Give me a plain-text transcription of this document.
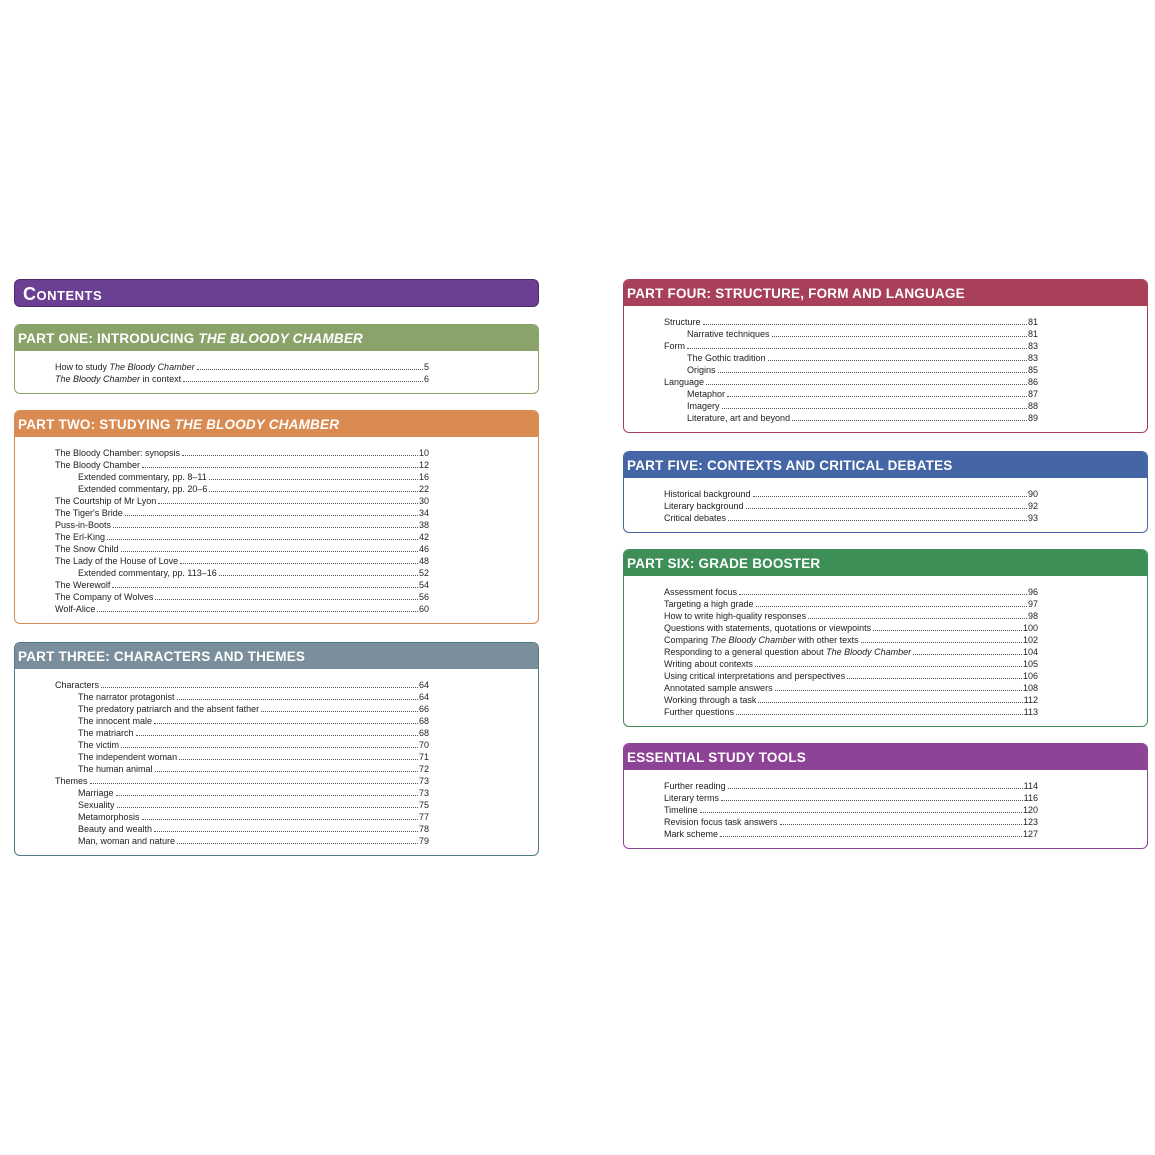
Contents
PART ONE: INTRODUCING THE BLOODY CHAMBER
How to study The Bloody Chamber	5
The Bloody Chamber in context	6
PART TWO: STUDYING THE BLOODY CHAMBER
The Bloody Chamber: synopsis	10
The Bloody Chamber	12
Extended commentary, pp. 8–11	16
Extended commentary, pp. 20–6	22
The Courtship of Mr Lyon	30
The Tiger's Bride	34
Puss-in-Boots	38
The Erl-King	42
The Snow Child	46
The Lady of the House of Love	48
Extended commentary, pp. 113–16	52
The Werewolf	54
The Company of Wolves	56
Wolf-Alice	60
PART THREE: CHARACTERS AND THEMES
Characters	64
The narrator protagonist	64
The predatory patriarch and the absent father	66
The innocent male	68
The matriarch	68
The victim	70
The independent woman	71
The human animal	72
Themes	73
Marriage	73
Sexuality	75
Metamorphosis	77
Beauty and wealth	78
Man, woman and nature	79
PART FOUR: STRUCTURE, FORM AND LANGUAGE
Structure	81
Narrative techniques	81
Form	83
The Gothic tradition	83
Origins	85
Language	86
Metaphor	87
Imagery	88
Literature, art and beyond	89
PART FIVE: CONTEXTS AND CRITICAL DEBATES
Historical background	90
Literary background	92
Critical debates	93
PART SIX: GRADE BOOSTER
Assessment focus	96
Targeting a high grade	97
How to write high-quality responses	98
Questions with statements, quotations or viewpoints	100
Comparing The Bloody Chamber with other texts	102
Responding to a general question about The Bloody Chamber	104
Writing about contexts	105
Using critical interpretations and perspectives	106
Annotated sample answers	108
Working through a task	112
Further questions	113
ESSENTIAL STUDY TOOLS
Further reading	114
Literary terms	116
Timeline	120
Revision focus task answers	123
Mark scheme	127
